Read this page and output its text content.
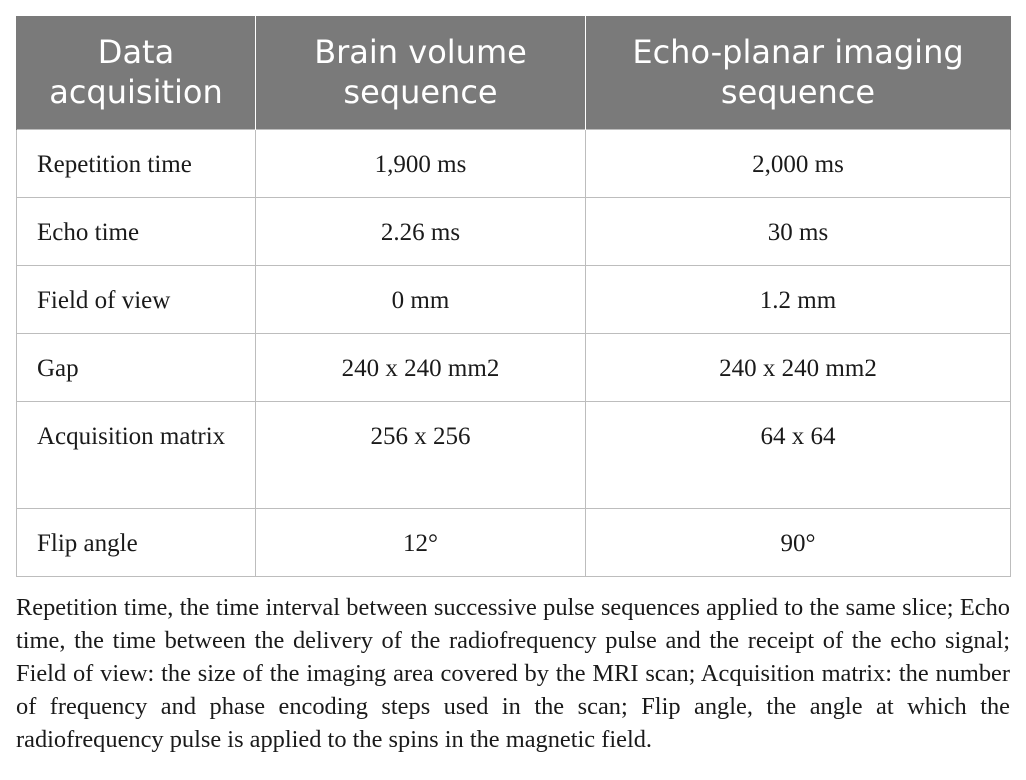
Data acquisition	Brain volume sequence	Echo-planar imaging sequence
Repetition time	1,900 ms	2,000 ms
Echo time	2.26 ms	30 ms
Field of view	0 mm	1.2 mm
Gap	240 x 240 mm2	240 x 240 mm2
Acquisition matrix	256 x 256	64 x 64
Flip angle	12°	90°

Repetition time, the time interval between successive pulse sequences applied to the same slice; Echo time, the time between the delivery of the radiofrequency pulse and the receipt of the echo signal; Field of view: the size of the imaging area covered by the MRI scan; Acquisition matrix: the number of frequency and phase encoding steps used in the scan; Flip angle, the angle at which the radiofrequency pulse is applied to the spins in the magnetic field.
